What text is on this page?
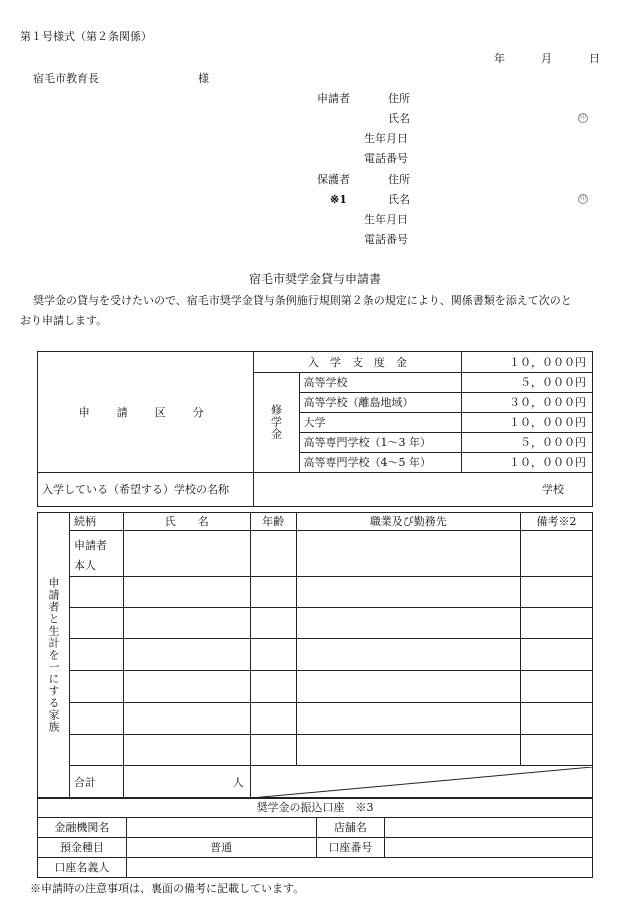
第１号様式（第２条関係）
年	月	日
宿毛市教育長	様
申請者	住所
氏名	印
生年月日
電話番号
保護者	住所
※1	氏名	印
生年月日
電話番号
宿毛市奨学金貸与申請書
奨学金の貸与を受けたいので、宿毛市奨学金貸与条例施行規則第２条の規定により、関係書類を添えて次のと
おり申請します。
申　請　区　分	入　学　支　度　金		１０，０００円
	修学金	高等学校	５，０００円
		高等学校（離島地域）	３０，０００円
		大学	１０，０００円
		高等専門学校（1～3 年）	５，０００円
		高等専門学校（4～5 年）	１０，０００円
入学している（希望する）学校の名称	学校		
申請者と生計を一にする家族	続柄	氏　　名	年齢	職業及び勤務先	備考※2
	申請者
本人				

	合計	人	
奨学金の振込口座　※3			
金融機関名		店舗名	
預金種目	普通	口座番号	
口座名義人			
※申請時の注意事項は、裏面の備考に記載しています。
